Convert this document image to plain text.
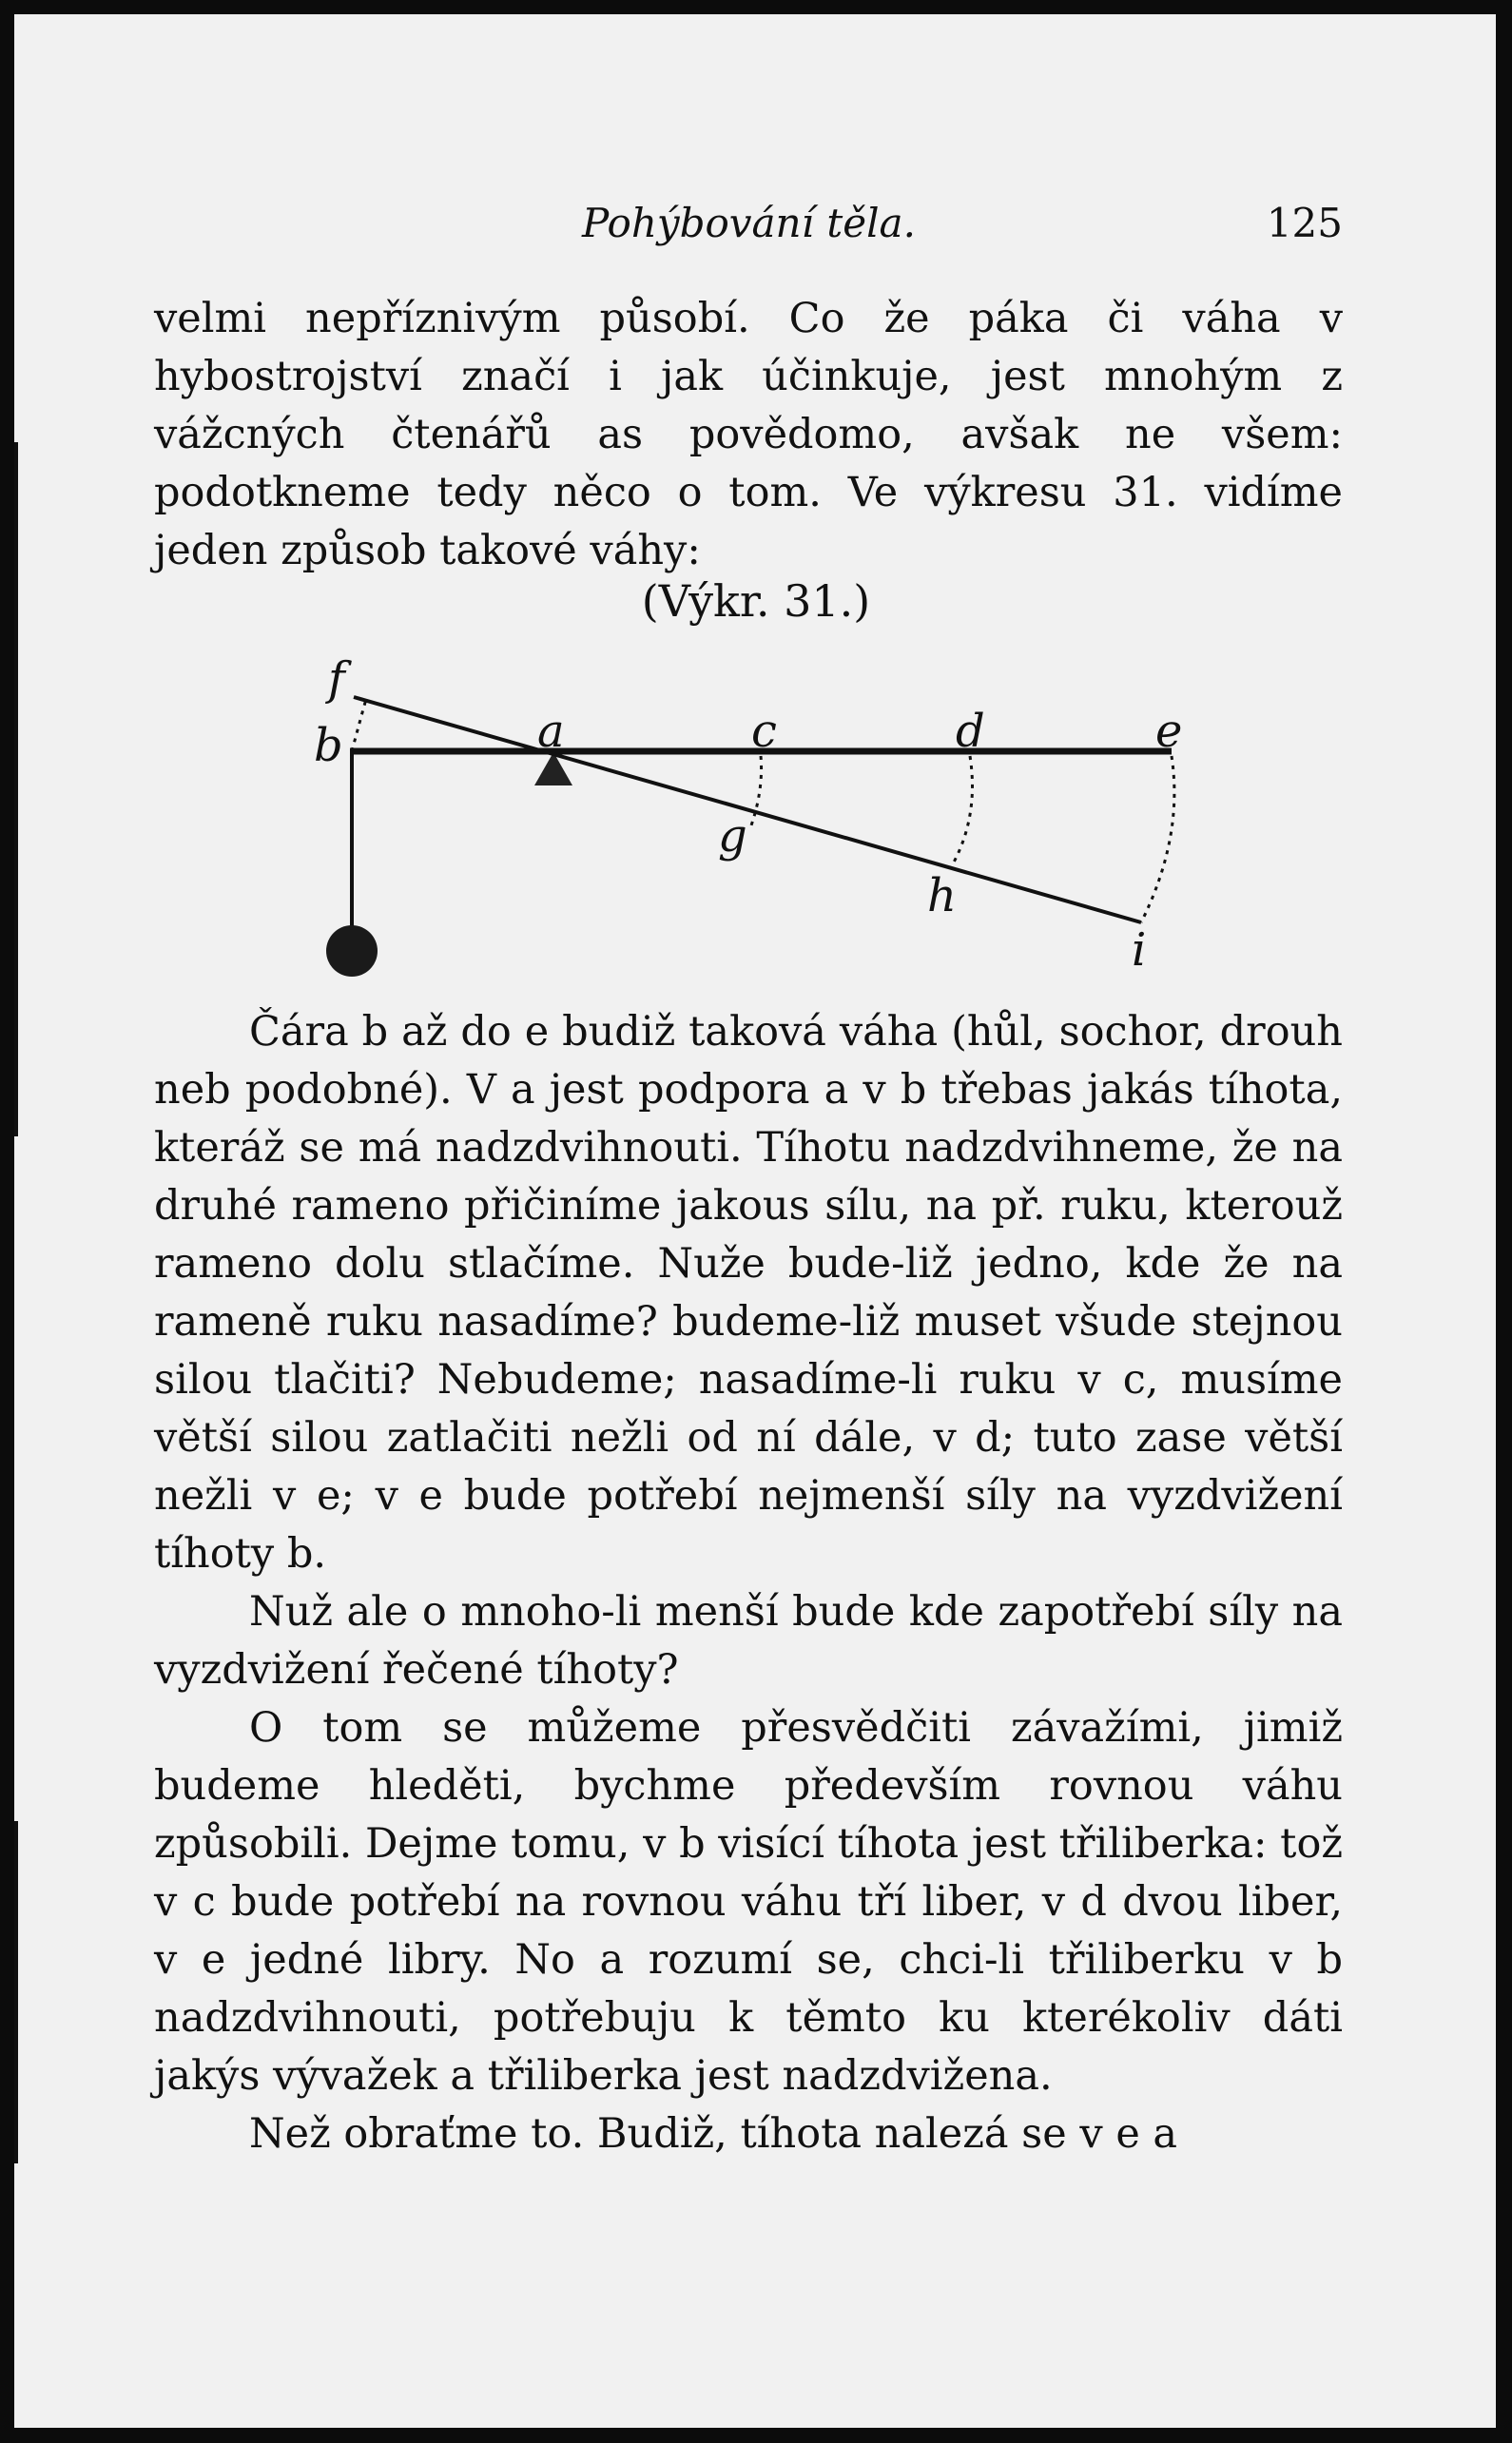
Pohýbování těla.	125

velmi nepříznivým působí. Co že páka či váha v hybostrojství značí i jak účinkuje, jest mnohým z vážcných čtenářů as povědomo, avšak ne všem: podotkneme tedy něco o tom. Ve výkresu 31. vidíme jeden způsob takové váhy:

(Výkr. 31.)
f
b	a	c	d	e
g
h
i

Čára b až do e budiž taková váha (hůl, sochor, drouh neb podobné). V a jest podpora a v b třebas jakás tíhota, kteráž se má nadzdvihnouti. Tíhotu nadzdvihneme, že na druhé rameno přičiníme jakous sílu, na př. ruku, kterouž rameno dolu stlačíme. Nuže bude-liž jedno, kde že na rameně ruku nasadíme? budeme-liž muset všude stejnou silou tlačiti? Nebudeme; nasadíme-li ruku v c, musíme větší silou zatlačiti nežli od ní dále, v d; tuto zase větší nežli v e; v e bude potřebí nejmenší síly na vyzdvižení tíhoty b.

Nuž ale o mnoho-li menší bude kde zapotřebí síly na vyzdvižení řečené tíhoty?

O tom se můžeme přesvědčiti závažími, jimiž budeme hleděti, bychme především rovnou váhu způsobili. Dejme tomu, v b visící tíhota jest třiliberka: tož v c bude potřebí na rovnou váhu tří liber, v d dvou liber, v e jedné libry. No a rozumí se, chci-li třiliberku v b nadzdvihnouti, potřebuju k těmto ku kterékoliv dáti jakýs vývažek a třiliberka jest nadzdvižena.

Než obraťme to. Budiž, tíhota nalezá se v e a
